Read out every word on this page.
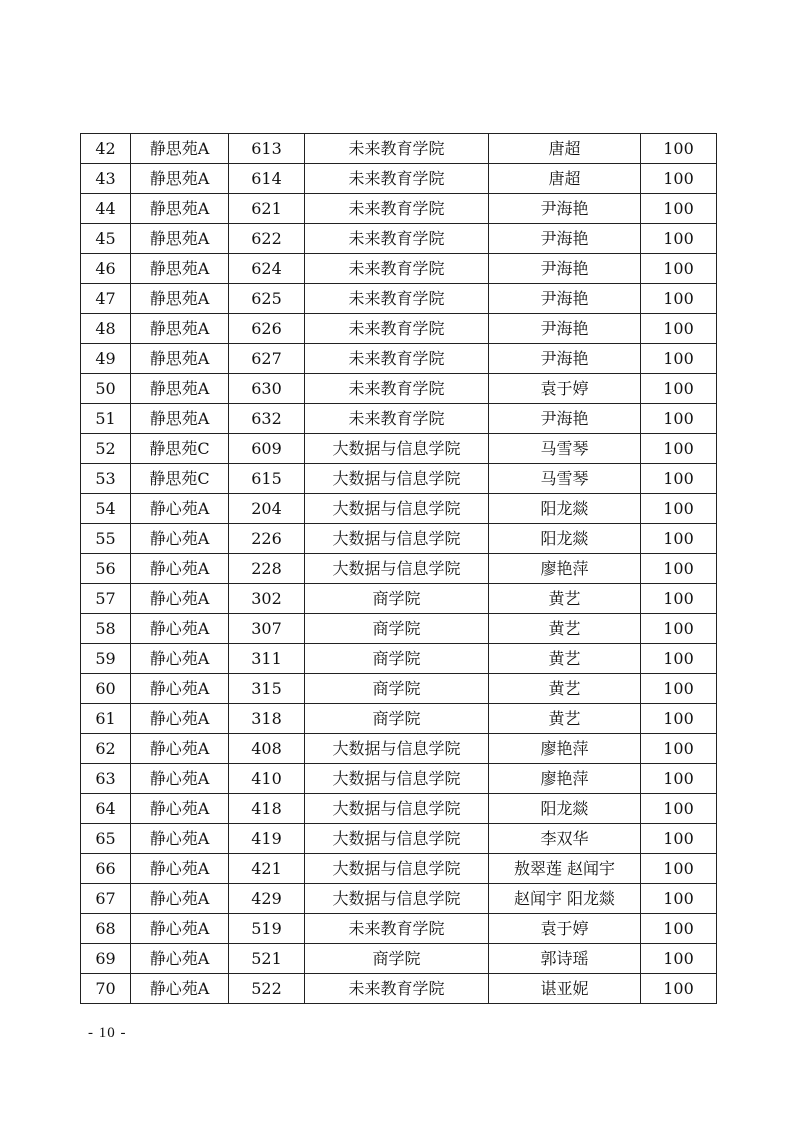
42	静思苑A	613	未来教育学院	唐超	100
43	静思苑A	614	未来教育学院	唐超	100
44	静思苑A	621	未来教育学院	尹海艳	100
45	静思苑A	622	未来教育学院	尹海艳	100
46	静思苑A	624	未来教育学院	尹海艳	100
47	静思苑A	625	未来教育学院	尹海艳	100
48	静思苑A	626	未来教育学院	尹海艳	100
49	静思苑A	627	未来教育学院	尹海艳	100
50	静思苑A	630	未来教育学院	袁于婷	100
51	静思苑A	632	未来教育学院	尹海艳	100
52	静思苑C	609	大数据与信息学院	马雪琴	100
53	静思苑C	615	大数据与信息学院	马雪琴	100
54	静心苑A	204	大数据与信息学院	阳龙燚	100
55	静心苑A	226	大数据与信息学院	阳龙燚	100
56	静心苑A	228	大数据与信息学院	廖艳萍	100
57	静心苑A	302	商学院	黄艺	100
58	静心苑A	307	商学院	黄艺	100
59	静心苑A	311	商学院	黄艺	100
60	静心苑A	315	商学院	黄艺	100
61	静心苑A	318	商学院	黄艺	100
62	静心苑A	408	大数据与信息学院	廖艳萍	100
63	静心苑A	410	大数据与信息学院	廖艳萍	100
64	静心苑A	418	大数据与信息学院	阳龙燚	100
65	静心苑A	419	大数据与信息学院	李双华	100
66	静心苑A	421	大数据与信息学院	敖翠莲 赵闻宇	100
67	静心苑A	429	大数据与信息学院	赵闻宇 阳龙燚	100
68	静心苑A	519	未来教育学院	袁于婷	100
69	静心苑A	521	商学院	郭诗瑶	100
70	静心苑A	522	未来教育学院	谌亚妮	100
- 10 -
